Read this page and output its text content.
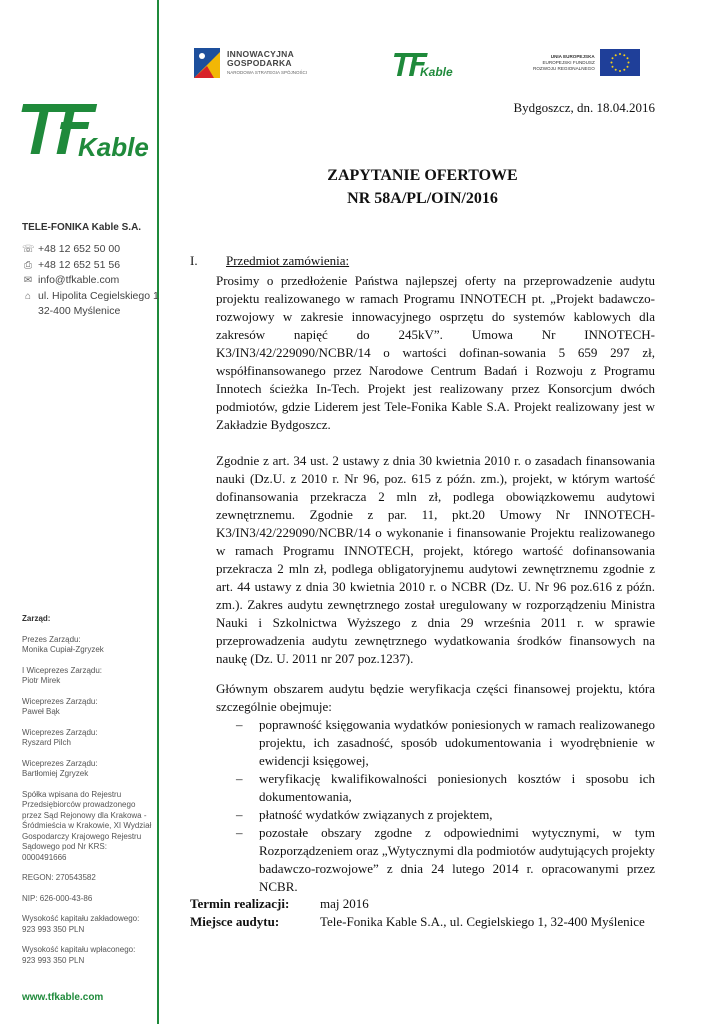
Kable
TELE-FONIKA Kable S.A.
☏ +48 12 652 50 00
⎙ +48 12 652 51 56
✉ info@tfkable.com
⌂ ul. Hipolita Cegielskiego 1
32-400 Myślenice
Zarząd:
Prezes Zarządu:
Monika Cupiał-Zgryzek
I Wiceprezes Zarządu:
Piotr Mirek
Wiceprezes Zarządu:
Paweł Bąk
Wiceprezes Zarządu:
Ryszard Pilch
Wiceprezes Zarządu:
Bartłomiej Zgryzek
Spółka wpisana do Rejestru Przedsiębiorców prowadzonego przez Sąd Rejonowy dla Krakowa - Śródmieścia w Krakowie, XI Wydział Gospodarczy Krajowego Rejestru Sądowego pod Nr KRS: 0000491666
REGON: 270543582
NIP: 626-000-43-86
Wysokość kapitału zakładowego:
923 993 350 PLN
Wysokość kapitału wpłaconego:
923 993 350 PLN
www.tfkable.com
INNOWACYJNA
GOSPODARKA
NARODOWA STRATEGIA SPÓJNOŚCI	Kable
UNIA EUROPEJSKA
EUROPEJSKI FUNDUSZ
ROZWOJU REGIONALNEGO
Bydgoszcz, dn. 18.04.2016
ZAPYTANIE OFERTOWE
NR 58A/PL/OIN/2016
I. Przedmiot zamówienia:
Prosimy o przedłożenie Państwa najlepszej oferty na przeprowadzenie audytu projektu realizowanego w ramach Programu INNOTECH pt. „Projekt badawczo-rozwojowy w zakresie innowacyjnego osprzętu do systemów kablowych dla zakresów napięć do 245kV”. Umowa Nr INNOTECH-K3/IN3/42/229090/NCBR/14 o wartości dofinan-sowania 5 659 297 zł, współfinansowanego przez Narodowe Centrum Badań i Rozwoju z Programu Innotech ścieżka In-Tech. Projekt jest realizowany przez Konsorcjum dwóch podmiotów, gdzie Liderem jest Tele-Fonika Kable S.A. Projekt realizowany jest w Zakładzie Bydgoszcz.
Zgodnie z art. 34 ust. 2 ustawy z dnia 30 kwietnia 2010 r. o zasadach finansowania nauki (Dz.U. z 2010 r. Nr 96, poz. 615 z późn. zm.), projekt, w którym wartość dofinansowania przekracza 2 mln zł, podlega obowiązkowemu audytowi zewnętrznemu. Zgodnie z par. 11, pkt.20 Umowy Nr INNOTECH-K3/IN3/42/229090/NCBR/14 o wykonanie i finansowanie Projektu realizowanego w ramach Programu INNOTECH, projekt, którego wartość dofinansowania przekracza 2 mln zł, podlega obligatoryjnemu audytowi zewnętrznemu zgodnie z art. 44 ustawy z dnia 30 kwietnia 2010 r. o NCBR (Dz. U. Nr 96 poz.616 z późn. zm.). Zakres audytu zewnętrznego został uregulowany w rozporządzeniu Ministra Nauki i Szkolnictwa Wyższego z dnia 29 września 2011 r. w sprawie przeprowadzenia audytu zewnętrznego wydatkowania środków finansowych na naukę (Dz. U. 2011 nr 207 poz.1237).
Głównym obszarem audytu będzie weryfikacja części finansowej projektu, która szczególnie obejmuje:
–	poprawność księgowania wydatków poniesionych w ramach realizowanego projektu, ich zasadność, sposób udokumentowania i wyodrębnienie w ewidencji księgowej,
–	weryfikację kwalifikowalności poniesionych kosztów i sposobu ich dokumentowania,
–	płatność wydatków związanych z projektem,
–	pozostałe obszary zgodne z odpowiednimi wytycznymi, w tym Rozporządzeniem oraz „Wytycznymi dla podmiotów audytujących projekty badawczo-rozwojowe” z dnia 24 lutego 2014 r. opracowanymi przez NCBR.
Termin realizacji:	maj 2016
Miejsce audytu:	Tele-Fonika Kable S.A., ul. Cegielskiego 1, 32-400 Myślenice
